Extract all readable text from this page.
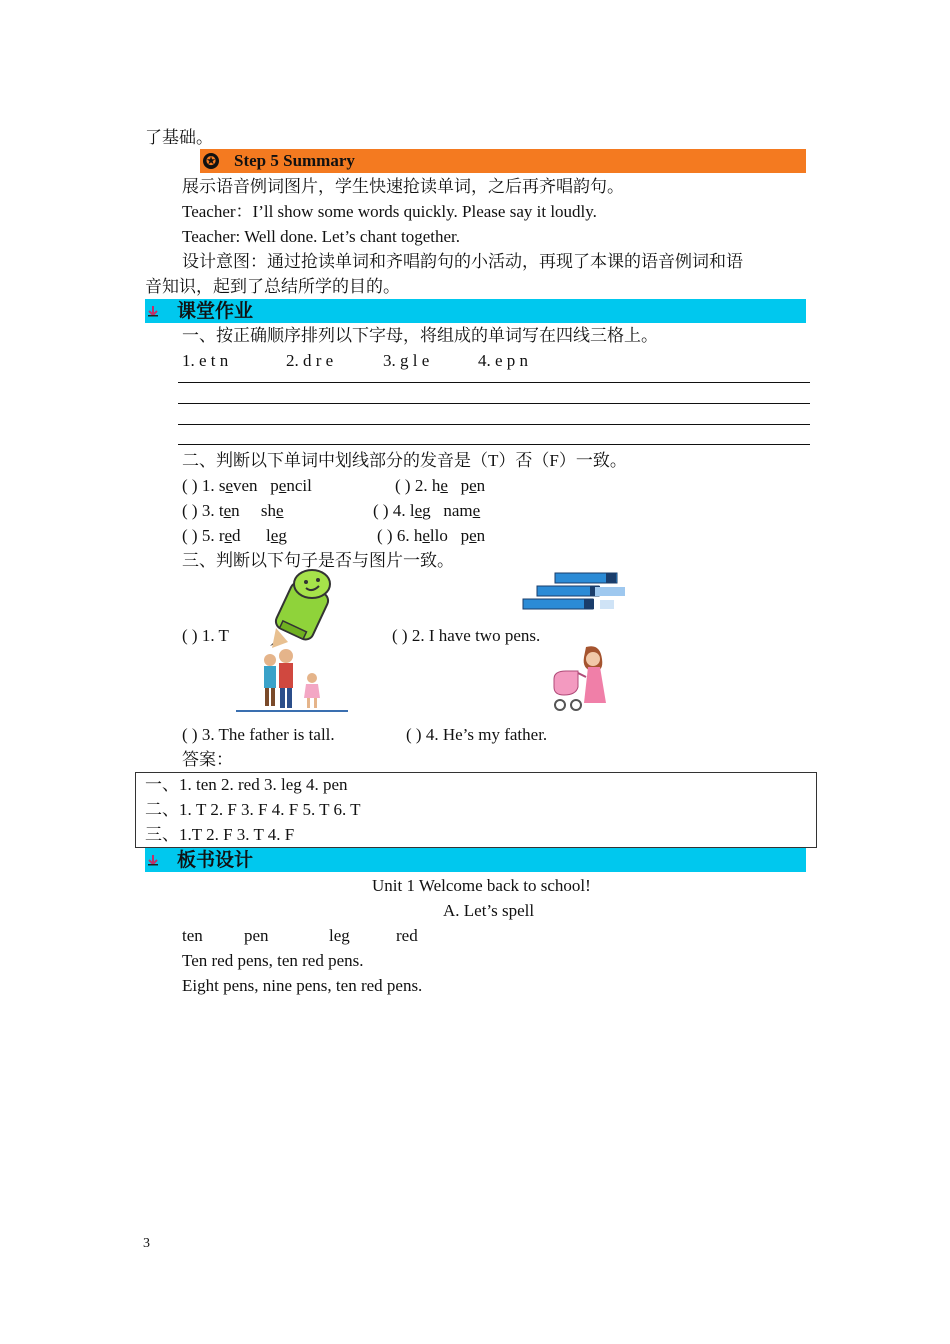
了基础。
✪ Step 5 Summary
展示语音例词图片，学生快速抢读单词，之后再齐唱韵句。
Teacher：I’ll show some words quickly. Please say it loudly.
Teacher: Well done. Let’s chant together.
设计意图：通过抢读单词和齐唱韵句的小活动，再现了本课的语音例词和语
音知识，起到了总结所学的目的。
课堂作业
一、按正确顺序排列以下字母，将组成的单词写在四线三格上。
1. e t n	2. d r e	3. g l e	4. e p n
二、判断以下单词中划线部分的发音是（T）否（F）一致。
( ) 1. seven pencil	( ) 2. he pen
( ) 3. ten she	( ) 4. leg name
( ) 5. red leg	( ) 6. hello pen
三、判断以下句子是否与图片一致。
( ) 1. T	( ) 2. I have two pens.
( ) 3. The father is tall.	( ) 4. He’s my father.
答案：
一、1. ten 2. red 3. leg 4. pen
二、1. T 2. F 3. F 4. F 5. T 6. T
三、1.T 2. F 3. T 4. F
板书设计
Unit 1 Welcome back to school!
A. Let’s spell
ten pen	leg	red
Ten red pens, ten red pens.
Eight pens, nine pens, ten red pens.
3
